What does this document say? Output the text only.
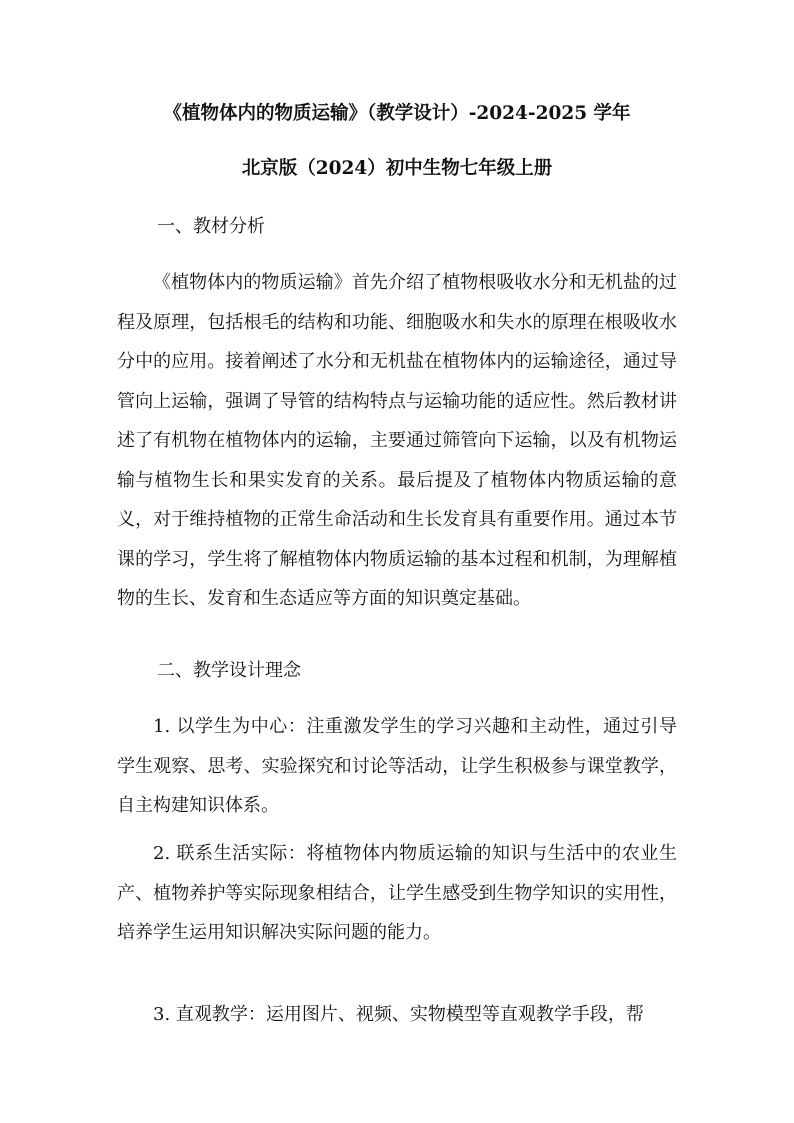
《植物体内的物质运输》（教学设计）-2024-2025 学年
北京版（2024）初中生物七年级上册
一、教材分析

《植物体内的物质运输》首先介绍了植物根吸收水分和无机盐的过程及原理，包括根毛的结构和功能、细胞吸水和失水的原理在根吸收水分中的应用。接着阐述了水分和无机盐在植物体内的运输途径，通过导管向上运输，强调了导管的结构特点与运输功能的适应性。然后教材讲述了有机物在植物体内的运输，主要通过筛管向下运输，以及有机物运输与植物生长和果实发育的关系。最后提及了植物体内物质运输的意义，对于维持植物的正常生命活动和生长发育具有重要作用。通过本节课的学习，学生将了解植物体内物质运输的基本过程和机制，为理解植物的生长、发育和生态适应等方面的知识奠定基础。

二、教学设计理念

1. 以学生为中心：注重激发学生的学习兴趣和主动性，通过引导学生观察、思考、实验探究和讨论等活动，让学生积极参与课堂教学，自主构建知识体系。

2. 联系生活实际：将植物体内物质运输的知识与生活中的农业生产、植物养护等实际现象相结合，让学生感受到生物学知识的实用性，培养学生运用知识解决实际问题的能力。

3. 直观教学：运用图片、视频、实物模型等直观教学手段，帮
